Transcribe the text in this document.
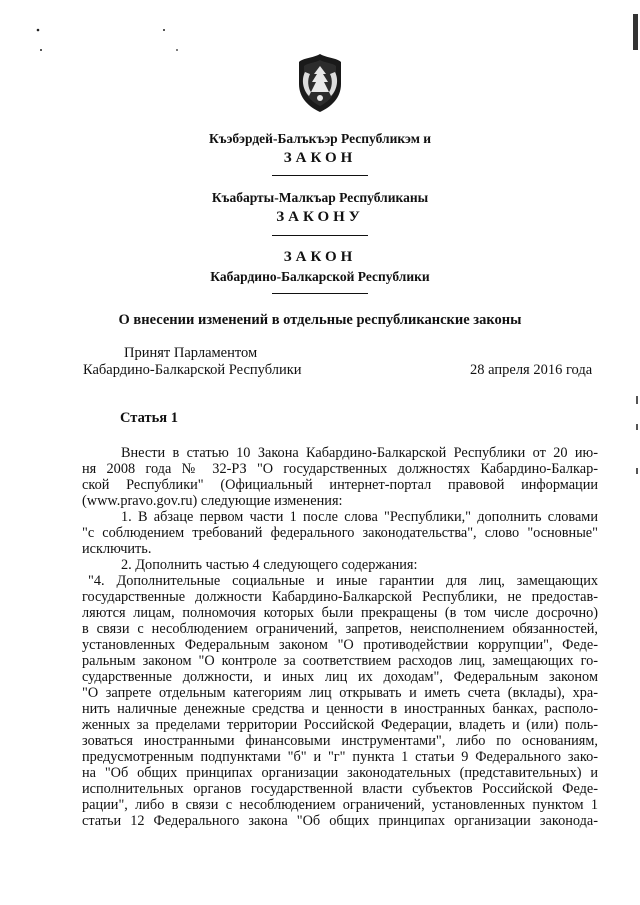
Къэбэрдей-Балъкъэр Республикэм и
ЗАКОН
Къабарты-Малкъар Республиканы
ЗАКОНУ
ЗАКОН
Кабардино-Балкарской Республики
О внесении изменений в отдельные республиканские законы
Принят Парламентом
Кабардино-Балкарской Республики	28 апреля 2016 года
Статья 1
Внести в статью 10 Закона Кабардино-Балкарской Республики от 20 ию-
ня 2008 года № 32-РЗ "О государственных должностях Кабардино-Балкар-
ской Республики" (Официальный интернет-портал правовой информации
(www.pravo.gov.ru) следующие изменения:
1. В абзаце первом части 1 после слова "Республики," дополнить словами
"с соблюдением требований федерального законодательства", слово "основные"
исключить.
2. Дополнить частью 4 следующего содержания:
"4. Дополнительные социальные и иные гарантии для лиц, замещающих
государственные должности Кабардино-Балкарской Республики, не предостав-
ляются лицам, полномочия которых были прекращены (в том числе досрочно)
в связи с несоблюдением ограничений, запретов, неисполнением обязанностей,
установленных Федеральным законом "О противодействии коррупции", Феде-
ральным законом "О контроле за соответствием расходов лиц, замещающих го-
сударственные должности, и иных лиц их доходам", Федеральным законом
"О запрете отдельным категориям лиц открывать и иметь счета (вклады), хра-
нить наличные денежные средства и ценности в иностранных банках, располо-
женных за пределами территории Российской Федерации, владеть и (или) поль-
зоваться иностранными финансовыми инструментами", либо по основаниям,
предусмотренным подпунктами "б" и "г" пункта 1 статьи 9 Федерального зако-
на "Об общих принципах организации законодательных (представительных) и
исполнительных органов государственной власти субъектов Российской Феде-
рации", либо в связи с несоблюдением ограничений, установленных пунктом 1
статьи 12 Федерального закона "Об общих принципах организации законода-
